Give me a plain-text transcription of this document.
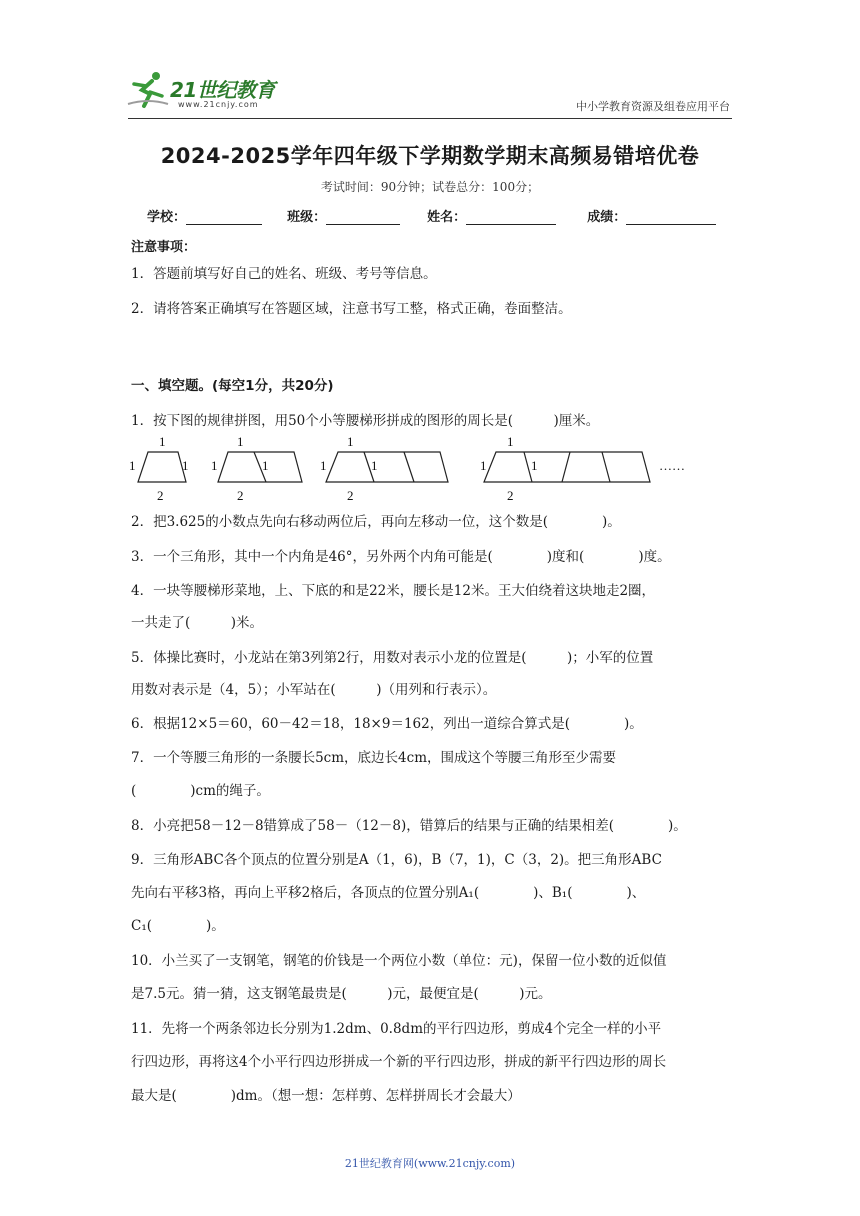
21世纪教育
www.21cnjy.com	中小学教育资源及组卷应用平台
2024-2025学年四年级下学期数学期末高频易错培优卷
考试时间：90分钟；试卷总分：100分；
学校：	班级：	姓名：	成绩：
注意事项：
1．答题前填写好自己的姓名、班级、考号等信息。
2．请将答案正确填写在答题区域，注意书写工整，格式正确，卷面整洁。
一、填空题。(每空1分，共20分)
1．按下图的规律拼图，用50个小等腰梯形拼成的图形的周长是(　　　)厘米。
1
1	1
2
1
1	1
2
1
1	1
2
1
1	1
2
……
2．把3.625的小数点先向右移动两位后，再向左移动一位，这个数是(　　　　)。
3．一个三角形，其中一个内角是46°，另外两个内角可能是(　　　　)度和(　　　　)度。
4．一块等腰梯形菜地，上、下底的和是22米，腰长是12米。王大伯绕着这块地走2圈，
一共走了(　　　)米。
5．体操比赛时，小龙站在第3列第2行，用数对表示小龙的位置是(　　　)；小军的位置
用数对表示是（4，5）；小军站在(　　　)（用列和行表示）。
6．根据12×5＝60，60－42＝18，18×9＝162，列出一道综合算式是(　　　　)。
7．一个等腰三角形的一条腰长5cm，底边长4cm，围成这个等腰三角形至少需要
(　　　　)cm的绳子。
8．小亮把58－12－8错算成了58－（12－8)，错算后的结果与正确的结果相差(　　　　)。
9．三角形ABC各个顶点的位置分别是A（1，6)，B（7，1)，C（3，2)。把三角形ABC
先向右平移3格，再向上平移2格后，各顶点的位置分别A₁(　　　　)、B₁(　　　　)、
C₁(　　　　)。
10．小兰买了一支钢笔，钢笔的价钱是一个两位小数（单位：元)，保留一位小数的近似值
是7.5元。猜一猜，这支钢笔最贵是(　　　)元，最便宜是(　　　)元。
11．先将一个两条邻边长分别为1.2dm、0.8dm的平行四边形，剪成4个完全一样的小平
行四边形，再将这4个小平行四边形拼成一个新的平行四边形，拼成的新平行四边形的周长
最大是(　　　　)dm。（想一想：怎样剪、怎样拼周长才会最大）
21世纪教育网(www.21cnjy.com)
